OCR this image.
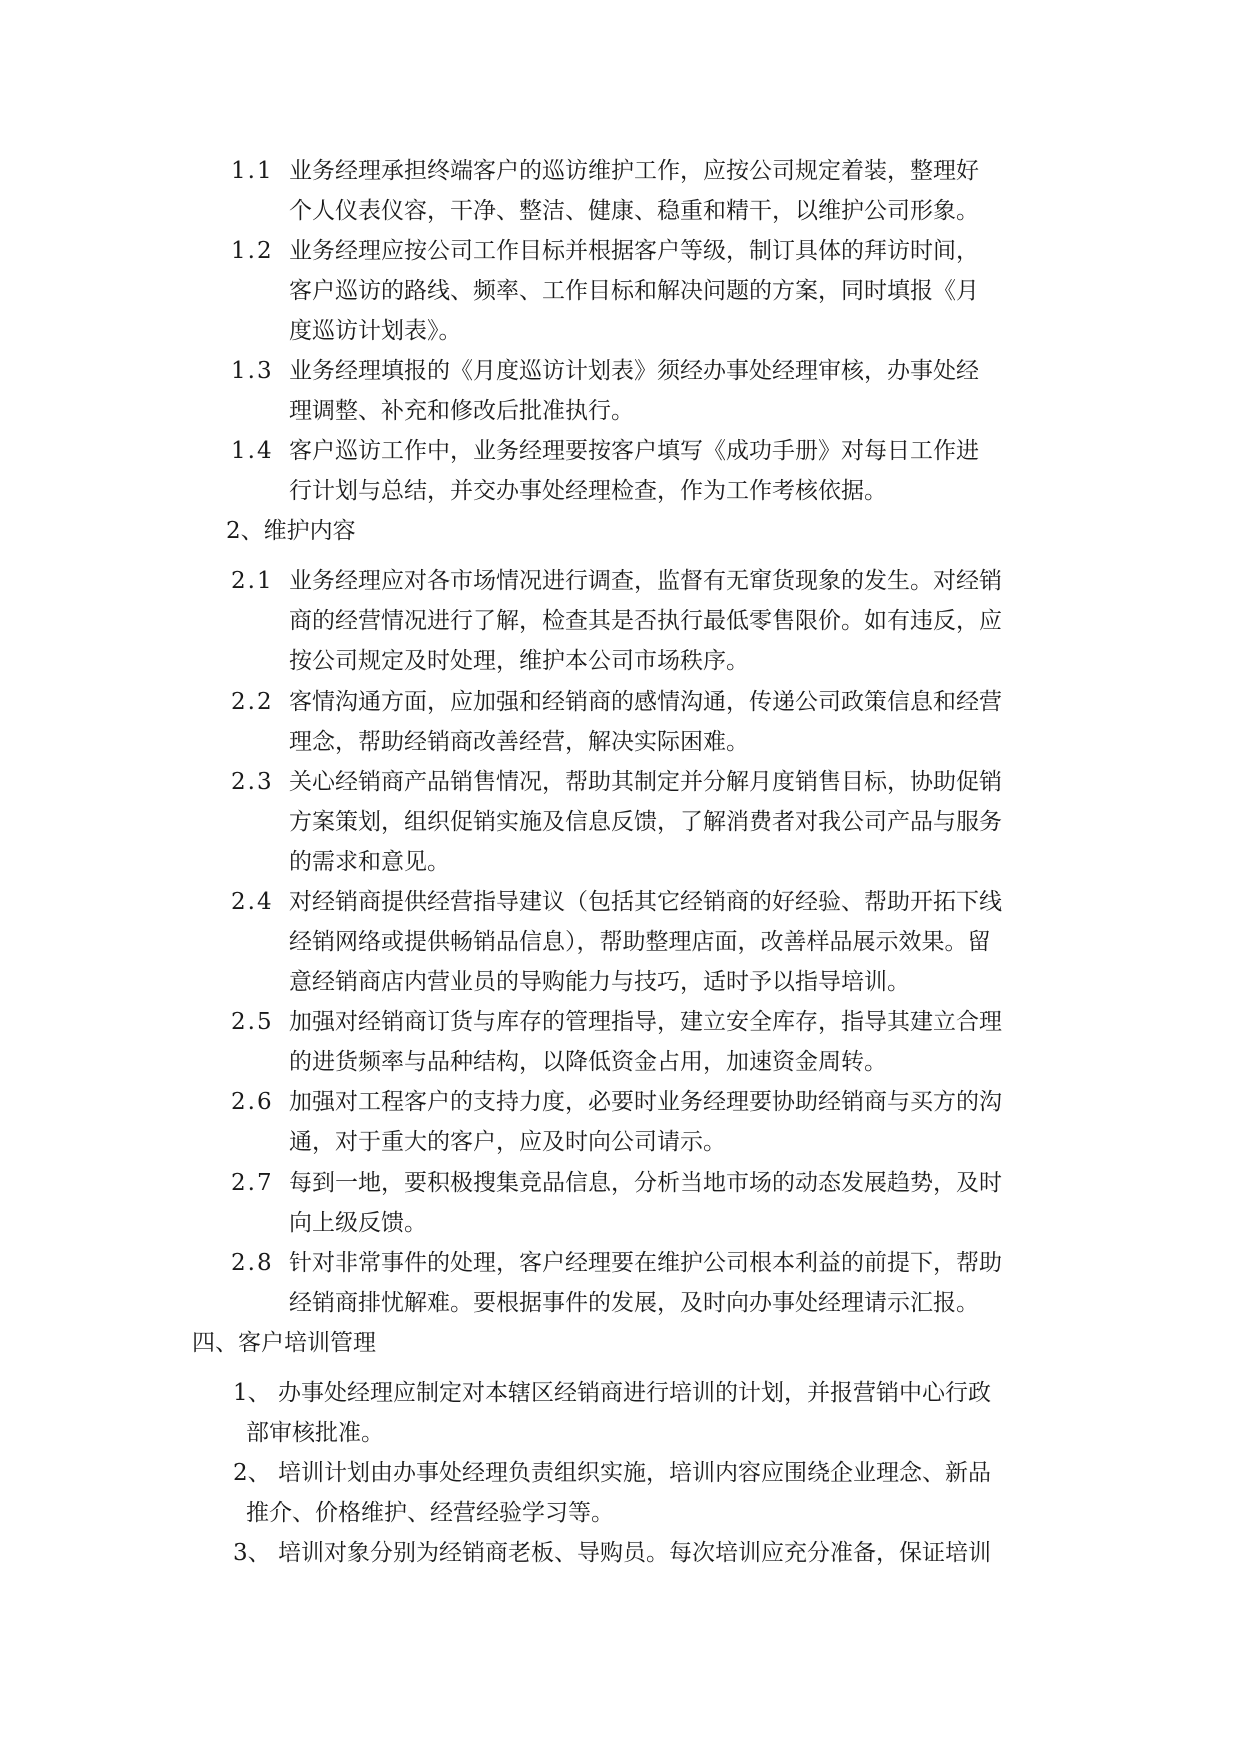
1.1 业务经理承担终端客户的巡访维护工作，应按公司规定着装，整理好
个人仪表仪容，干净、整洁、健康、稳重和精干，以维护公司形象。
1.2 业务经理应按公司工作目标并根据客户等级，制订具体的拜访时间，
客户巡访的路线、频率、工作目标和解决问题的方案，同时填报《月
度巡访计划表》。
1.3 业务经理填报的《月度巡访计划表》须经办事处经理审核，办事处经
理调整、补充和修改后批准执行。
1.4 客户巡访工作中，业务经理要按客户填写《成功手册》对每日工作进
行计划与总结，并交办事处经理检查，作为工作考核依据。
2、维护内容
2.1 业务经理应对各市场情况进行调查，监督有无窜货现象的发生。对经销
商的经营情况进行了解，检查其是否执行最低零售限价。如有违反，应
按公司规定及时处理，维护本公司市场秩序。
2.2 客情沟通方面，应加强和经销商的感情沟通，传递公司政策信息和经营
理念，帮助经销商改善经营，解决实际困难。
2.3 关心经销商产品销售情况，帮助其制定并分解月度销售目标，协助促销
方案策划，组织促销实施及信息反馈，了解消费者对我公司产品与服务
的需求和意见。
2.4 对经销商提供经营指导建议（包括其它经销商的好经验、帮助开拓下线
经销网络或提供畅销品信息），帮助整理店面，改善样品展示效果。留
意经销商店内营业员的导购能力与技巧，适时予以指导培训。
2.5 加强对经销商订货与库存的管理指导，建立安全库存，指导其建立合理
的进货频率与品种结构，以降低资金占用，加速资金周转。
2.6 加强对工程客户的支持力度，必要时业务经理要协助经销商与买方的沟
通，对于重大的客户，应及时向公司请示。
2.7 每到一地，要积极搜集竞品信息，分析当地市场的动态发展趋势，及时
向上级反馈。
2.8 针对非常事件的处理，客户经理要在维护公司根本利益的前提下，帮助
经销商排忧解难。要根据事件的发展，及时向办事处经理请示汇报。
四、客户培训管理
1、 办事处经理应制定对本辖区经销商进行培训的计划，并报营销中心行政
部审核批准。
2、 培训计划由办事处经理负责组织实施，培训内容应围绕企业理念、新品
推介、价格维护、经营经验学习等。
3、 培训对象分别为经销商老板、导购员。每次培训应充分准备，保证培训
